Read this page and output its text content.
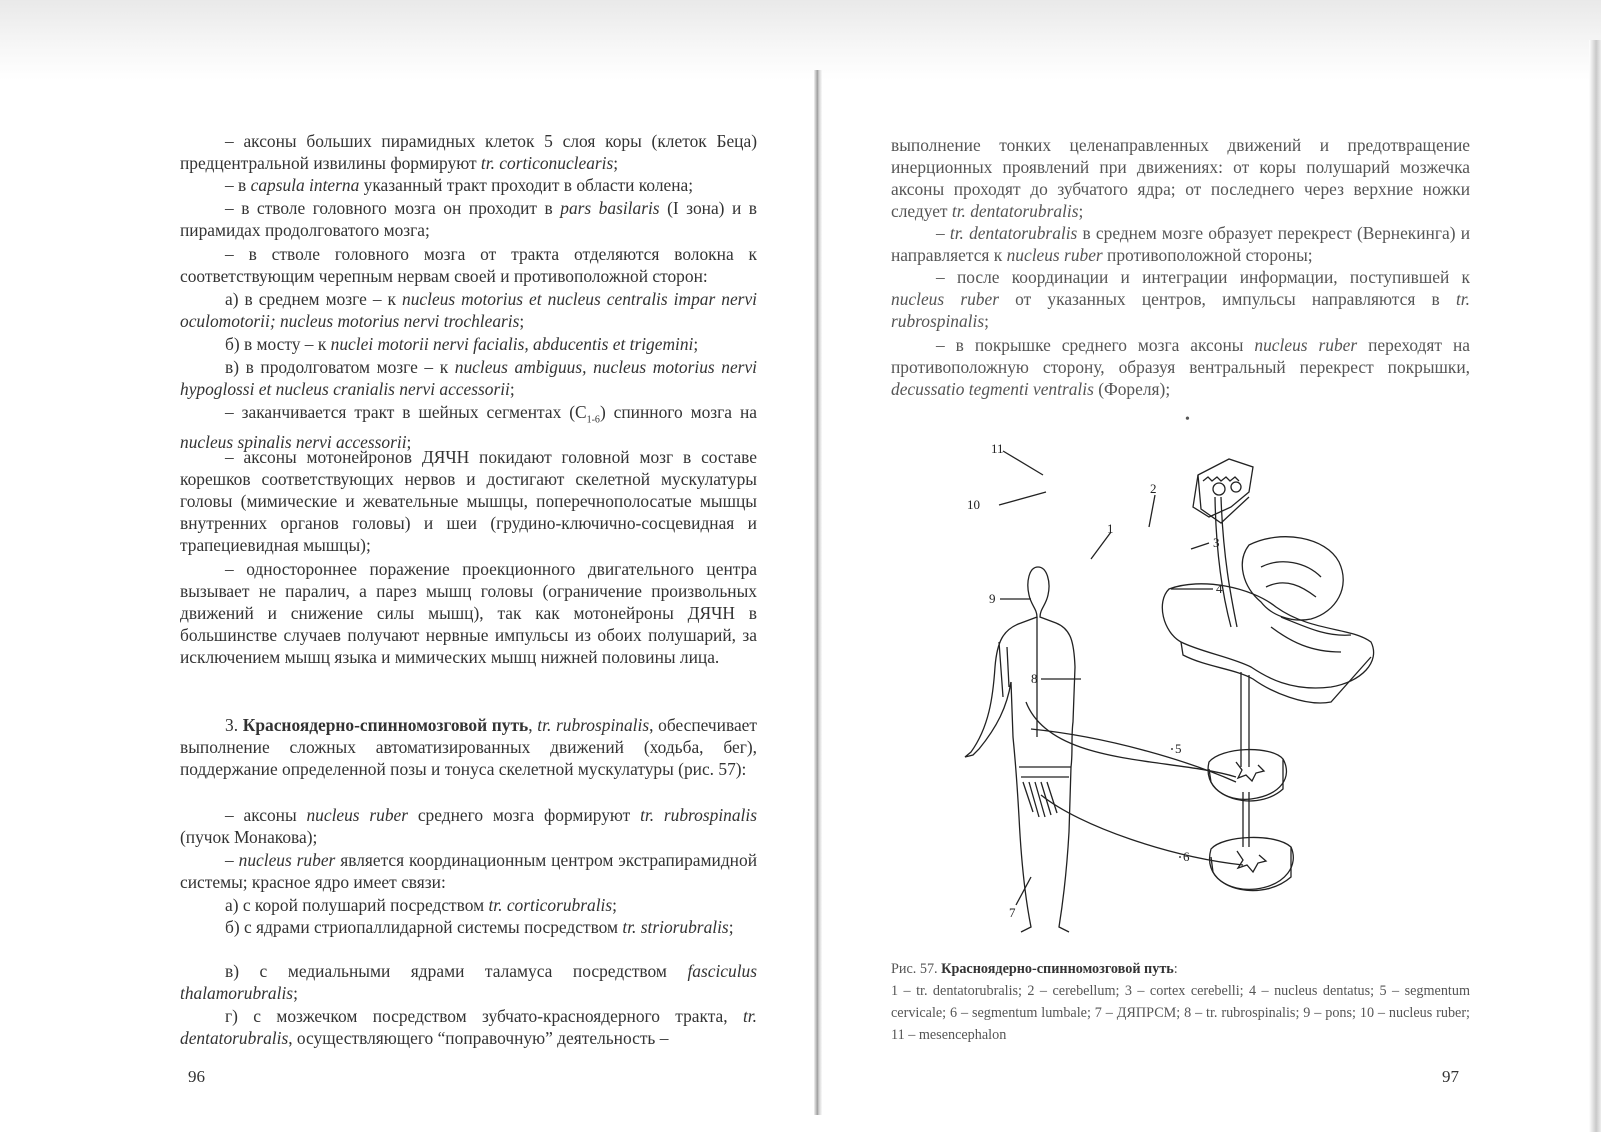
– аксоны больших пирамидных клеток 5 слоя коры (клеток Беца) предцентральной извилины формируют tr. corticonuclearis;

– в capsula interna указанный тракт проходит в области колена;

– в стволе головного мозга он проходит в pars basilaris (I зона) и в пирамидах продолговатого мозга;

– в стволе головного мозга от тракта отделяются волокна к соответствующим черепным нервам своей и противоположной сторон:

а) в среднем мозге – к nucleus motorius et nucleus centralis impar nervi oculomotorii; nucleus motorius nervi trochlearis;

б) в мосту – к nuclei motorii nervi facialis, abducentis et trigemini;

в) в продолговатом мозге – к nucleus ambiguus, nucleus motorius nervi hypoglossi et nucleus cranialis nervi accessorii;

– заканчивается тракт в шейных сегментах $(C_{1-6})$ спинного мозга на nucleus spinalis nervi accessorii;

– аксоны мотонейронов ДЯЧН покидают головной мозг в составе корешков соответствующих нервов и достигают скелетной мускулатуры головы (мимические и жевательные мышцы, поперечнополосатые мышцы внутренних органов головы) и шеи (грудино-ключично-сосцевидная и трапециевидная мышцы);

– одностороннее поражение проекционного двигательного центра вызывает не паралич, а парез мышц головы (ограничение произвольных движений и снижение силы мышц), так как мотонейроны ДЯЧН в большинстве случаев получают нервные импульсы из обоих полушарий, за исключением мышц языка и мимических мышц нижней половины лица.

3. Красноядерно-спинномозговой путь, tr. rubrospinalis, обеспечивает выполнение сложных автоматизированных движений (ходьба, бег), поддержание определенной позы и тонуса скелетной мускулатуры (рис. 57):

– аксоны nucleus ruber среднего мозга формируют tr. rubrospinalis (пучок Монакова);

– nucleus ruber является координационным центром экстрапирамидной системы; красное ядро имеет связи:

а) с корой полушарий посредством tr. corticorubralis;

б) с ядрами стриопаллидарной системы посредством tr. striorubralis;

в) с медиальными ядрами таламуса посредством fasciculus thalamorubralis;

г) с мозжечком посредством зубчато-красноядерного тракта, tr. dentatorubralis, осуществляющего “поправочную” деятельность –

96

выполнение тонких целенаправленных движений и предотвращение инерционных проявлений при движениях: от коры полушарий мозжечка аксоны проходят до зубчатого ядра; от последнего через верхние ножки следует tr. dentatorubralis;

– tr. dentatorubralis в среднем мозге образует перекрест (Вернекинга) и направляется к nucleus ruber противоположной стороны;

– после координации и интеграции информации, поступившей к nucleus ruber от указанных центров, импульсы направляются в tr. rubrospinalis;

– в покрышке среднего мозга аксоны nucleus ruber переходят на противоположную сторону, образуя вентральный перекрест покрышки, decussatio tegmenti ventralis (Фореля);

•
11
10
1
2
3
4
9
8
5
6
7

Рис. 57. Красноядерно-спинномозговой путь:
1 – tr. dentatorubralis; 2 – cerebellum; 3 – cortex cerebelli; 4 – nucleus dentatus; 5 – segmentum cervicale; 6 – segmentum lumbale; 7 – ДЯПРСМ; 8 – tr. rubrospinalis; 9 – pons; 10 – nucleus ruber; 11 – mesencephalon

97
